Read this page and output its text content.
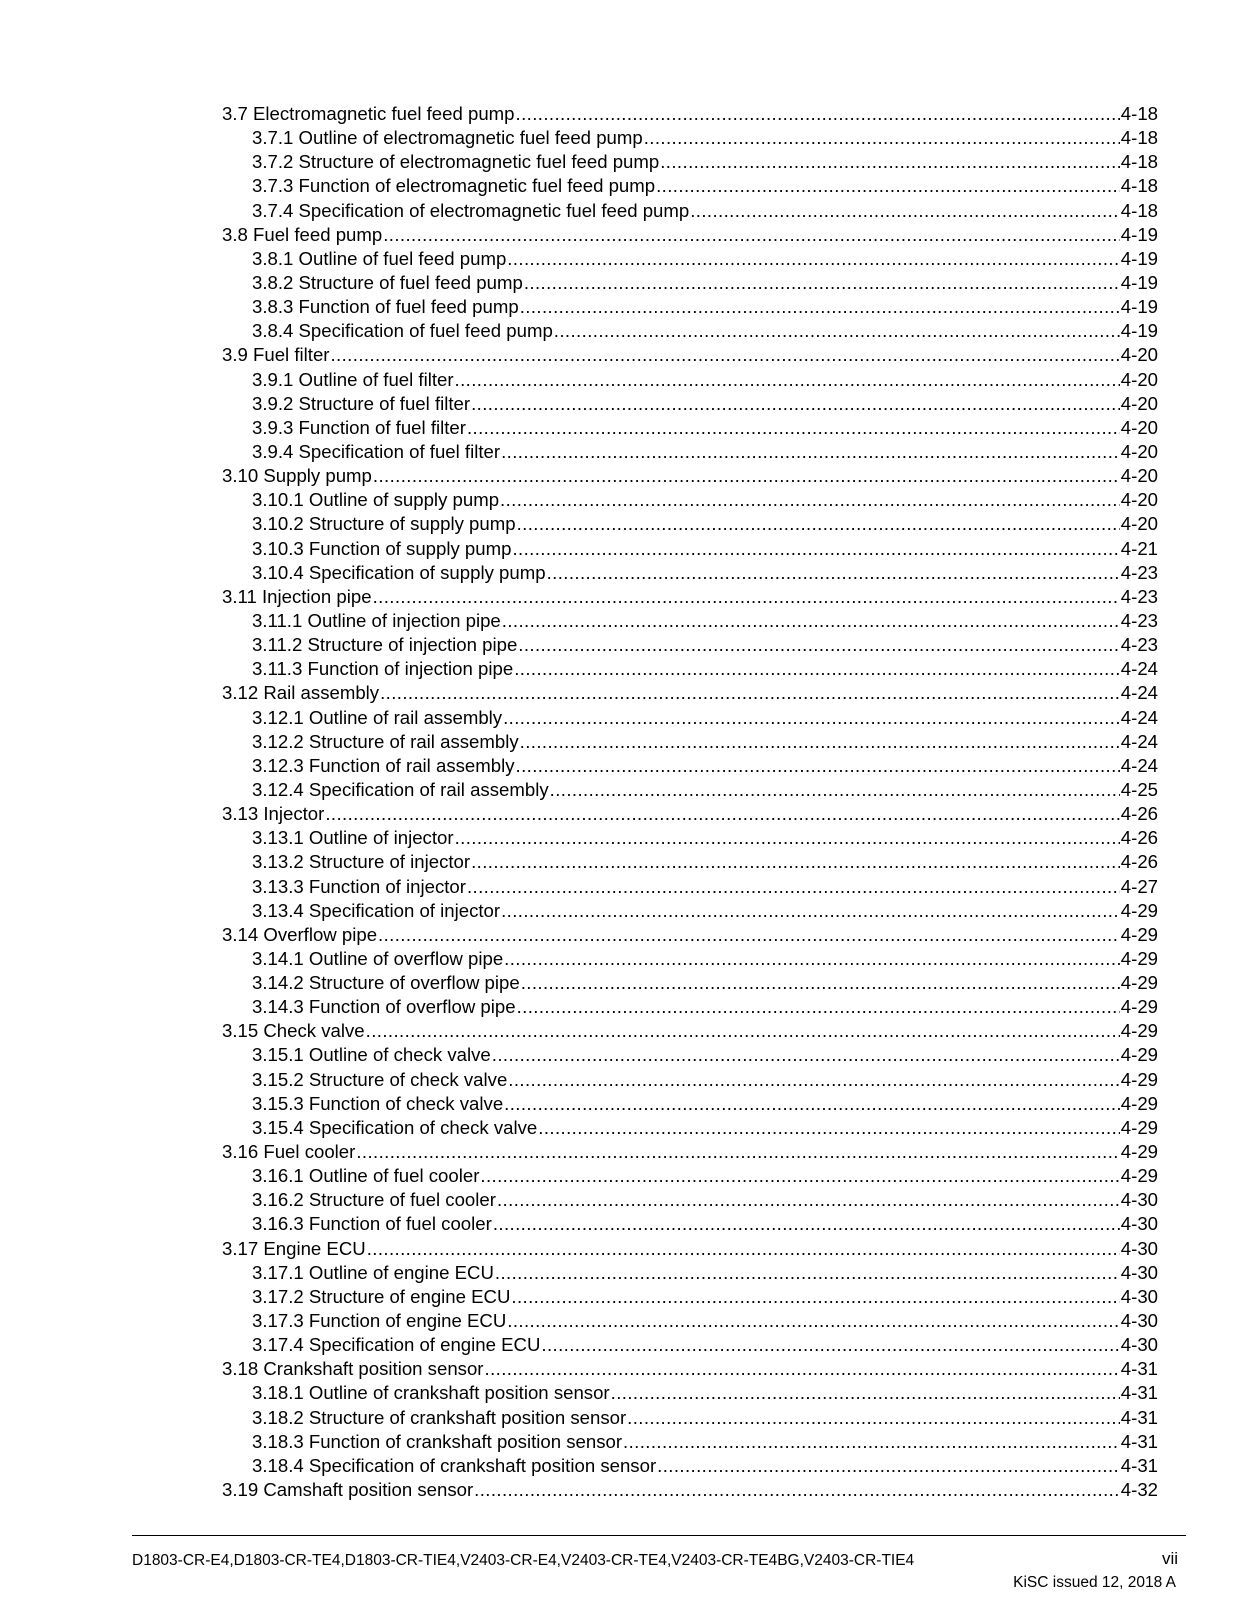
3.7 Electromagnetic fuel feed pump .....	4-18
3.7.1 Outline of electromagnetic fuel feed pump .....	4-18
3.7.2 Structure of electromagnetic fuel feed pump .....	4-18
3.7.3 Function of electromagnetic fuel feed pump .....	4-18
3.7.4 Specification of electromagnetic fuel feed pump .....	4-18
3.8 Fuel feed pump .....	4-19
3.8.1 Outline of fuel feed pump .....	4-19
3.8.2 Structure of fuel feed pump .....	4-19
3.8.3 Function of fuel feed pump .....	4-19
3.8.4 Specification of fuel feed pump .....	4-19
3.9 Fuel filter .....	4-20
3.9.1 Outline of fuel filter .....	4-20
3.9.2 Structure of fuel filter .....	4-20
3.9.3 Function of fuel filter .....	4-20
3.9.4 Specification of fuel filter .....	4-20
3.10 Supply pump .....	4-20
3.10.1 Outline of supply pump .....	4-20
3.10.2 Structure of supply pump .....	4-20
3.10.3 Function of supply pump .....	4-21
3.10.4 Specification of supply pump .....	4-23
3.11 Injection pipe .....	4-23
3.11.1 Outline of injection pipe .....	4-23
3.11.2 Structure of injection pipe .....	4-23
3.11.3 Function of injection pipe .....	4-24
3.12 Rail assembly .....	4-24
3.12.1 Outline of rail assembly .....	4-24
3.12.2 Structure of rail assembly .....	4-24
3.12.3 Function of rail assembly .....	4-24
3.12.4 Specification of rail assembly .....	4-25
3.13 Injector .....	4-26
3.13.1 Outline of injector .....	4-26
3.13.2 Structure of injector .....	4-26
3.13.3 Function of injector .....	4-27
3.13.4 Specification of injector .....	4-29
3.14 Overflow pipe .....	4-29
3.14.1 Outline of overflow pipe .....	4-29
3.14.2 Structure of overflow pipe .....	4-29
3.14.3 Function of overflow pipe .....	4-29
3.15 Check valve .....	4-29
3.15.1 Outline of check valve .....	4-29
3.15.2 Structure of check valve .....	4-29
3.15.3 Function of check valve .....	4-29
3.15.4 Specification of check valve .....	4-29
3.16 Fuel cooler .....	4-29
3.16.1 Outline of fuel cooler .....	4-29
3.16.2 Structure of fuel cooler .....	4-30
3.16.3 Function of fuel cooler .....	4-30
3.17 Engine ECU .....	4-30
3.17.1 Outline of engine ECU .....	4-30
3.17.2 Structure of engine ECU .....	4-30
3.17.3 Function of engine ECU .....	4-30
3.17.4 Specification of engine ECU .....	4-30
3.18 Crankshaft position sensor .....	4-31
3.18.1 Outline of crankshaft position sensor .....	4-31
3.18.2 Structure of crankshaft position sensor .....	4-31
3.18.3 Function of crankshaft position sensor .....	4-31
3.18.4 Specification of crankshaft position sensor .....	4-31
3.19 Camshaft position sensor .....	4-32
D1803-CR-E4,D1803-CR-TE4,D1803-CR-TIE4,V2403-CR-E4,V2403-CR-TE4,V2403-CR-TE4BG,V2403-CR-TIE4	vii
KiSC issued 12, 2018 A
